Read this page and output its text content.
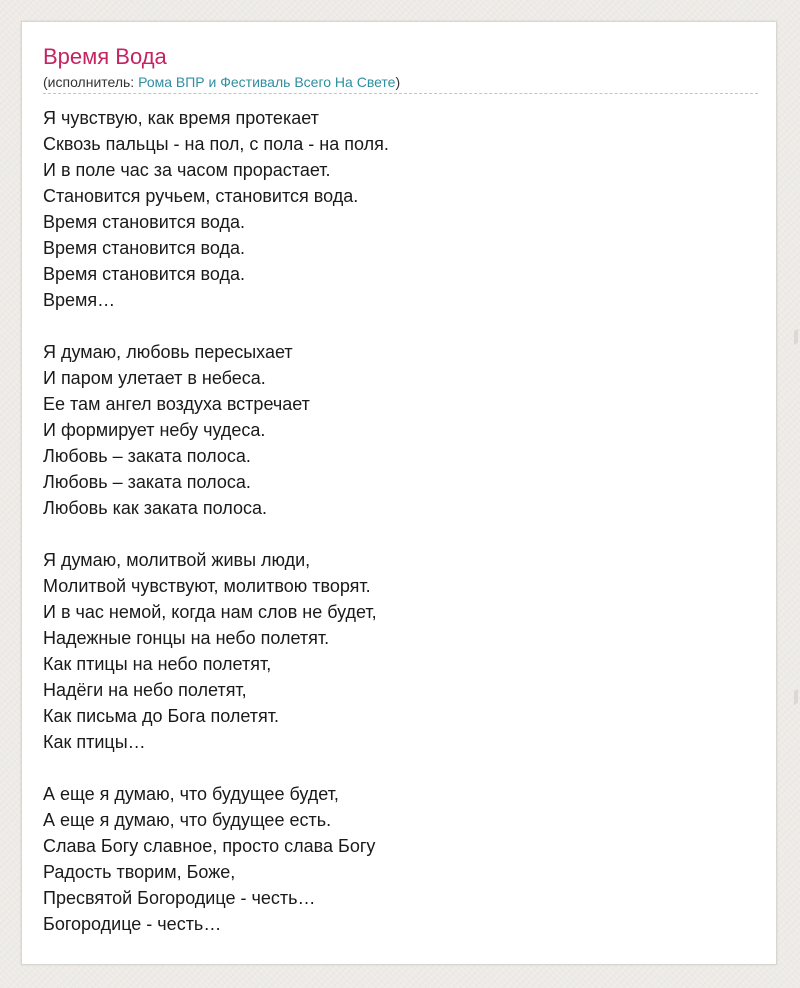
Время Вода
(исполнитель: Рома ВПР и Фестиваль Всего На Свете)
Я чувствую, как время протекает
Сквозь пальцы - на пол, с пола - на поля.
И в поле час за часом прорастает.
Становится ручьем, становится вода.
Время становится вода.
Время становится вода.
Время становится вода.
Время…
Я думаю, любовь пересыхает
И паром улетает в небеса.
Ее там ангел воздуха встречает
И формирует небу чудеса.
Любовь – заката полоса.
Любовь – заката полоса.
Любовь как заката полоса.
Я думаю, молитвой живы люди,
Молитвой чувствуют, молитвою творят.
И в час немой, когда нам слов не будет,
Надежные гонцы на небо полетят.
Как птицы на небо полетят,
Надёги на небо полетят,
Как письма до Бога полетят.
Как птицы…
А еще я думаю, что будущее будет,
А еще я думаю, что будущее есть.
Слава Богу славное, просто слава Богу
Радость творим, Боже,
Пресвятой Богородице - честь…
Богородице - честь…
